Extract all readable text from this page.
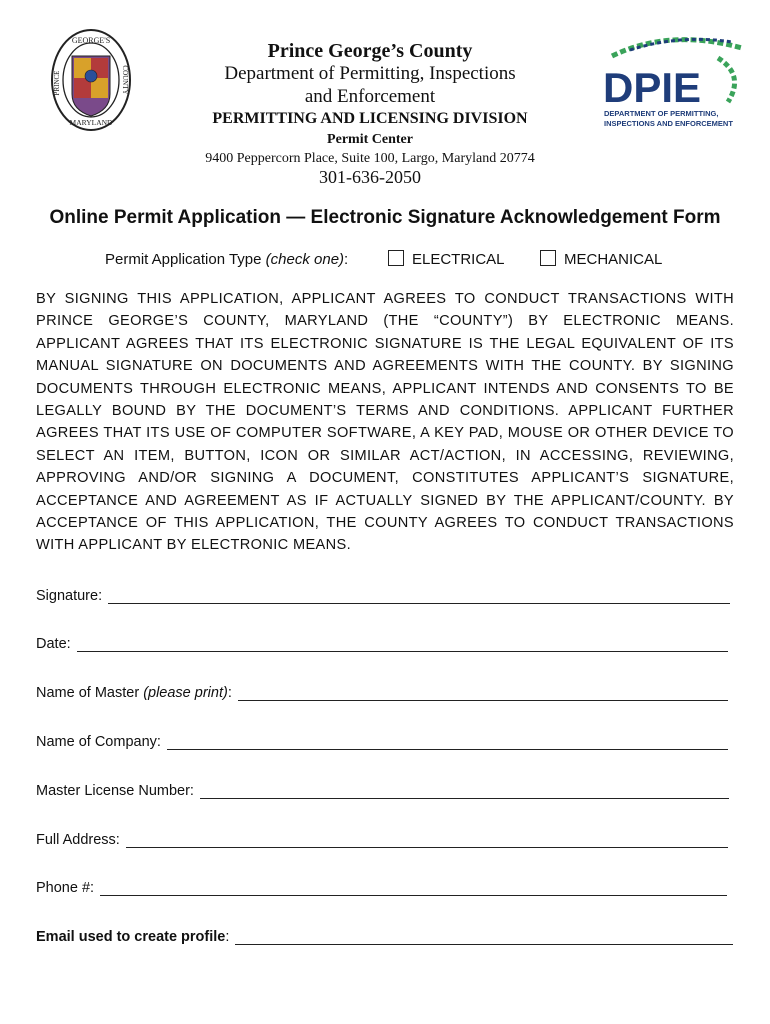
GEORGE'S
MARYLAND
PRINCE	COUNTY	DPIE
DEPARTMENT OF PERMITTING,
INSPECTIONS AND ENFORCEMENT
Prince George’s County
Department of Permitting, Inspections
and Enforcement
PERMITTING AND LICENSING DIVISION
Permit Center
9400 Peppercorn Place, Suite 100, Largo, Maryland 20774
301-636-2050
Online Permit Application — Electronic Signature Acknowledgement Form
Permit Application Type (check one):	ELECTRICAL	MECHANICAL
BY SIGNING THIS APPLICATION, APPLICANT AGREES TO CONDUCT TRANSACTIONS WITH PRINCE GEORGE’S COUNTY, MARYLAND (THE “COUNTY”) BY ELECTRONIC MEANS. APPLICANT AGREES THAT ITS ELECTRONIC SIGNATURE IS THE LEGAL EQUIVALENT OF ITS MANUAL SIGNATURE ON DOCUMENTS AND AGREEMENTS WITH THE COUNTY. BY SIGNING DOCUMENTS THROUGH ELECTRONIC MEANS, APPLICANT INTENDS AND CONSENTS TO BE LEGALLY BOUND BY THE DOCUMENT’S TERMS AND CONDITIONS. APPLICANT FURTHER AGREES THAT ITS USE OF COMPUTER SOFTWARE, A KEY PAD, MOUSE OR OTHER DEVICE TO SELECT AN ITEM, BUTTON, ICON OR SIMILAR ACT/ACTION, IN ACCESSING, REVIEWING, APPROVING AND/OR SIGNING A DOCUMENT, CONSTITUTES APPLICANT’S SIGNATURE, ACCEPTANCE AND AGREEMENT AS IF ACTUALLY SIGNED BY THE APPLICANT/COUNTY. BY ACCEPTANCE OF THIS APPLICATION, THE COUNTY AGREES TO CONDUCT TRANSACTIONS WITH APPLICANT BY ELECTRONIC MEANS.
Signature:
Date:
Name of Master
(please print) :
Name of Company:
Master License Number:
Full Address:
Phone #:
Email used to create profile :
